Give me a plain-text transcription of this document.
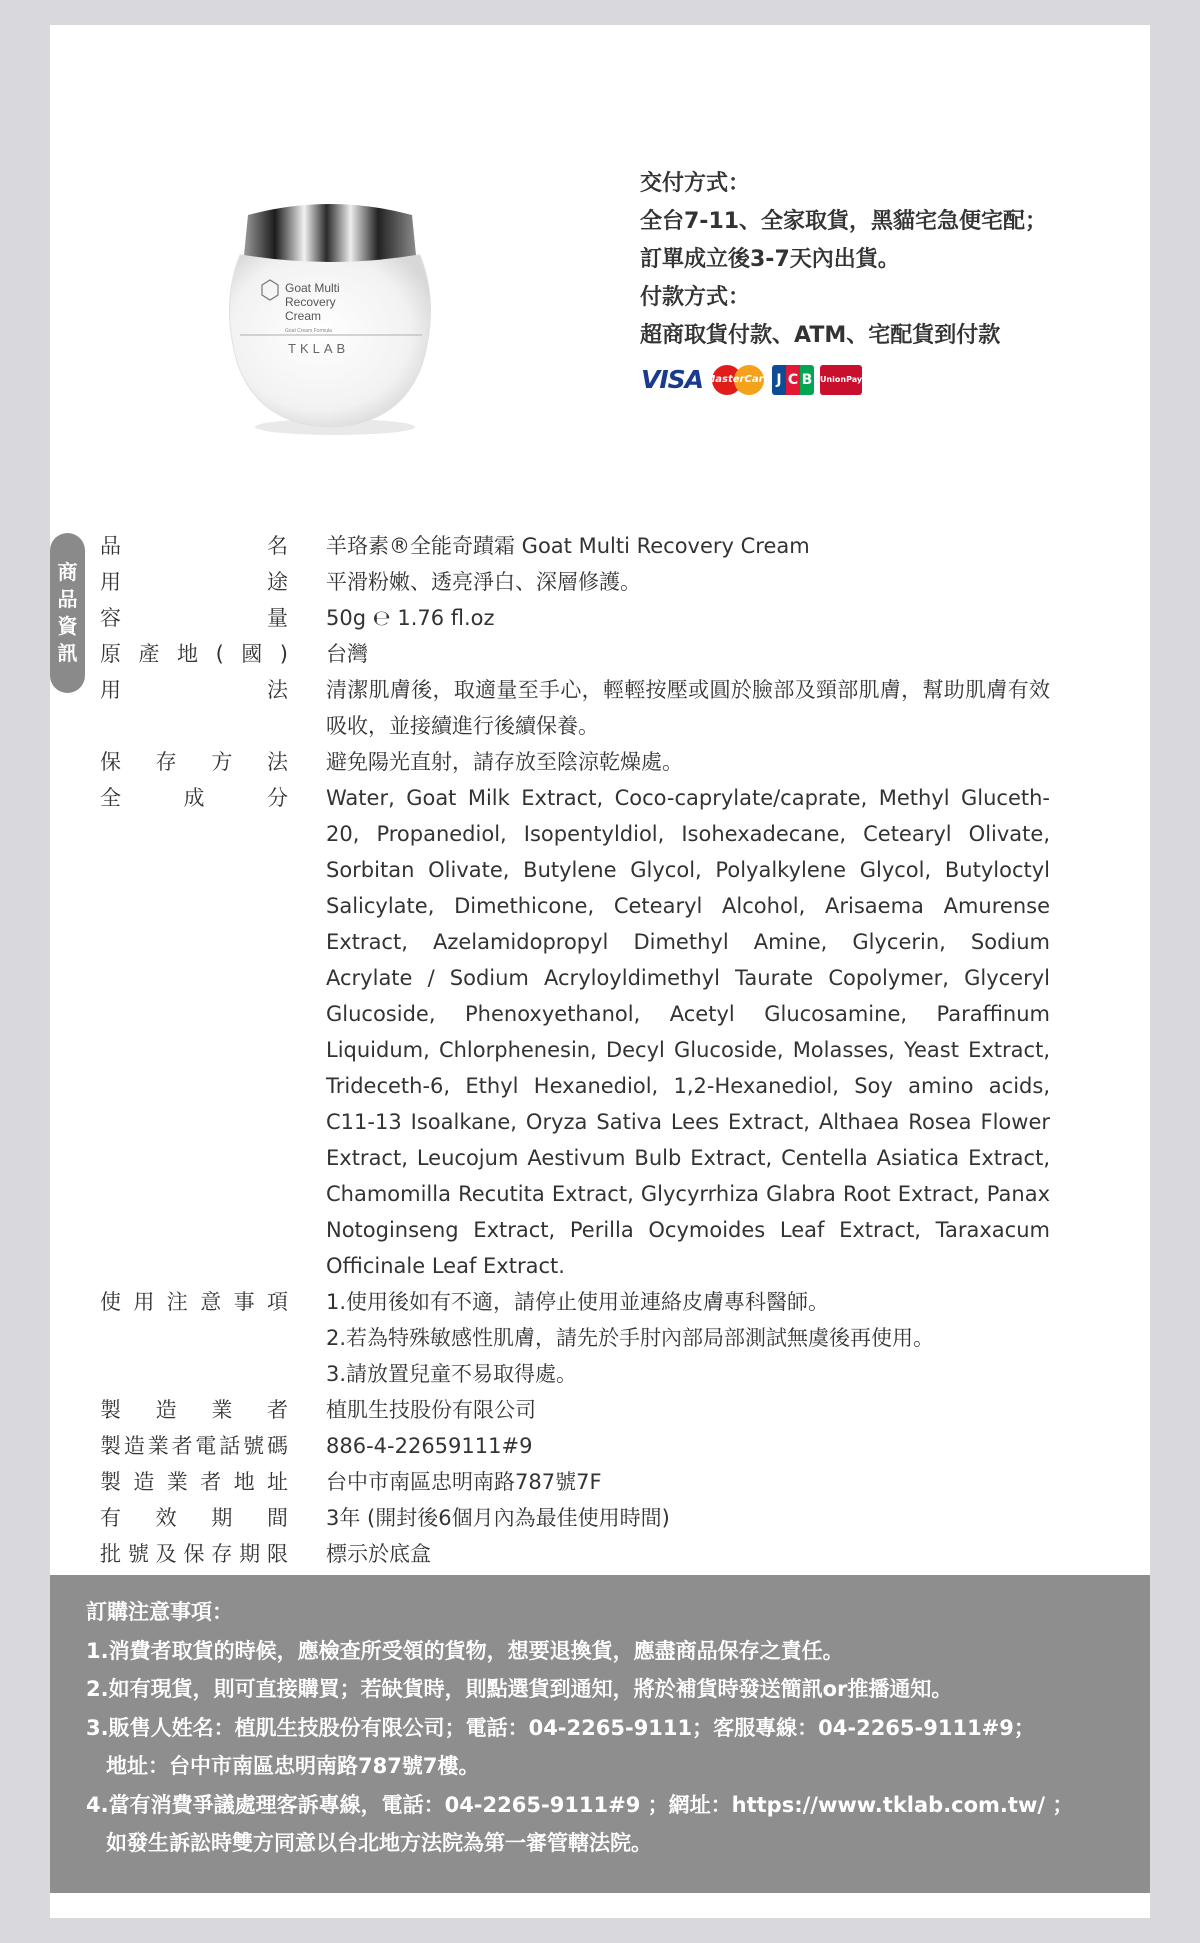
Goat Multi
Recovery
Cream
Goat Cream Formula
TKLAB
交付方式：
全台7-11、全家取貨，黑貓宅急便宅配；
訂單成立後3-7天內出貨。
付款方式：
超商取貨付款、ATM、宅配貨到付款
VISA MasterCard J C B UnionPay
商
品
資
訊
品名 羊珞素®全能奇蹟霜 Goat Multi Recovery Cream
用途 平滑粉嫩、透亮淨白、深層修護。
容量 50g ℮ 1.76 fl.oz
原產地(國) 台灣
用法 清潔肌膚後，取適量至手心，輕輕按壓或圓於臉部及頸部肌膚，幫助肌膚有效吸收，並接續進行後續保養。
保存方法 避免陽光直射，請存放至陰涼乾燥處。
全成分 Water, Goat Milk Extract, Coco-caprylate/caprate, Methyl Gluceth-20, Propanediol, Isopentyldiol, Isohexadecane, Cetearyl Olivate, Sorbitan Olivate, Butylene Glycol, Polyalkylene Glycol, Butyloctyl Salicylate, Dimethicone, Cetearyl Alcohol, Arisaema Amurense Extract, Azelamidopropyl Dimethyl Amine, Glycerin, Sodium Acrylate / Sodium Acryloyldimethyl Taurate Copolymer, Glyceryl Glucoside, Phenoxyethanol, Acetyl Glucosamine, Paraffinum Liquidum, Chlorphenesin, Decyl Glucoside, Molasses, Yeast Extract, Trideceth-6, Ethyl Hexanediol, 1,2-Hexanediol, Soy amino acids, C11-13 Isoalkane, Oryza Sativa Lees Extract, Althaea Rosea Flower Extract, Leucojum Aestivum Bulb Extract, Centella Asiatica Extract, Chamomilla Recutita Extract, Glycyrrhiza Glabra Root Extract, Panax Notoginseng Extract, Perilla Ocymoides Leaf Extract, Taraxacum Officinale Leaf Extract.
使用注意事項 1.使用後如有不適，請停止使用並連絡皮膚專科醫師。
2.若為特殊敏感性肌膚，請先於手肘內部局部測試無虞後再使用。
3.請放置兒童不易取得處。
製造業者 植肌生技股份有限公司
製造業者電話號碼 886-4-22659111#9
製造業者地址 台中市南區忠明南路787號7F
有效期間 3年 (開封後6個月內為最佳使用時間)
批號及保存期限 標示於底盒
訂購注意事項：
1.消費者取貨的時候，應檢查所受領的貨物，想要退換貨，應盡商品保存之責任。
2.如有現貨，則可直接購買；若缺貨時，則點選貨到通知，將於補貨時發送簡訊or推播通知。
3.販售人姓名：植肌生技股份有限公司；電話：04-2265-9111；客服專線：04-2265-9111#9；
地址：台中市南區忠明南路787號7樓。
4.當有消費爭議處理客訴專線，電話：04-2265-9111#9 ；網址：https://www.tklab.com.tw/ ；
如發生訴訟時雙方同意以台北地方法院為第一審管轄法院。
